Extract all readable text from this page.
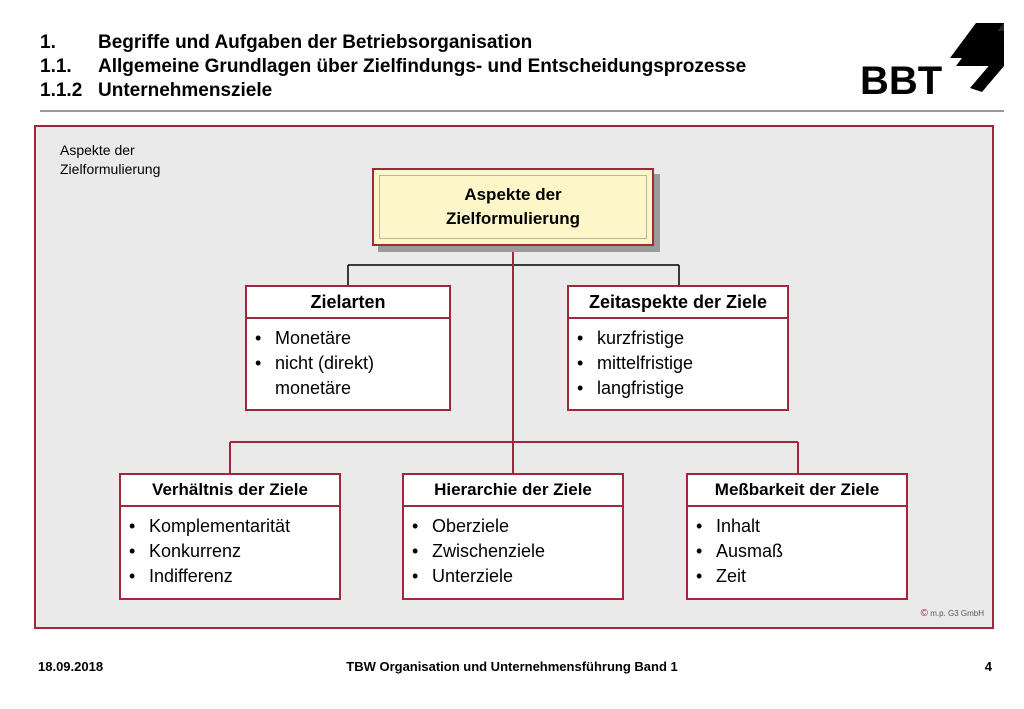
1. Begriffe und Aufgaben der Betriebsorganisation
1.1. Allgemeine Grundlagen über Zielfindungs- und Entscheidungsprozesse
1.1.2 Unternehmensziele	BBT
Aspekte der
Zielformulierung
Aspekte der
Zielformulierung
Zielarten
• Monetäre
• nicht (direkt)
monetäre
Zeitaspekte der Ziele
• kurzfristige
• mittelfristige
• langfristige
Verhältnis der Ziele
• Komplementarität
• Konkurrenz
• Indifferenz
Hierarchie der Ziele
• Oberziele
• Zwischenziele
• Unterziele
Meßbarkeit der Ziele
• Inhalt
• Ausmaß
• Zeit
© m.p. G3 GmbH
18.09.2018	TBW Organisation und Unternehmensführung Band 1	4
